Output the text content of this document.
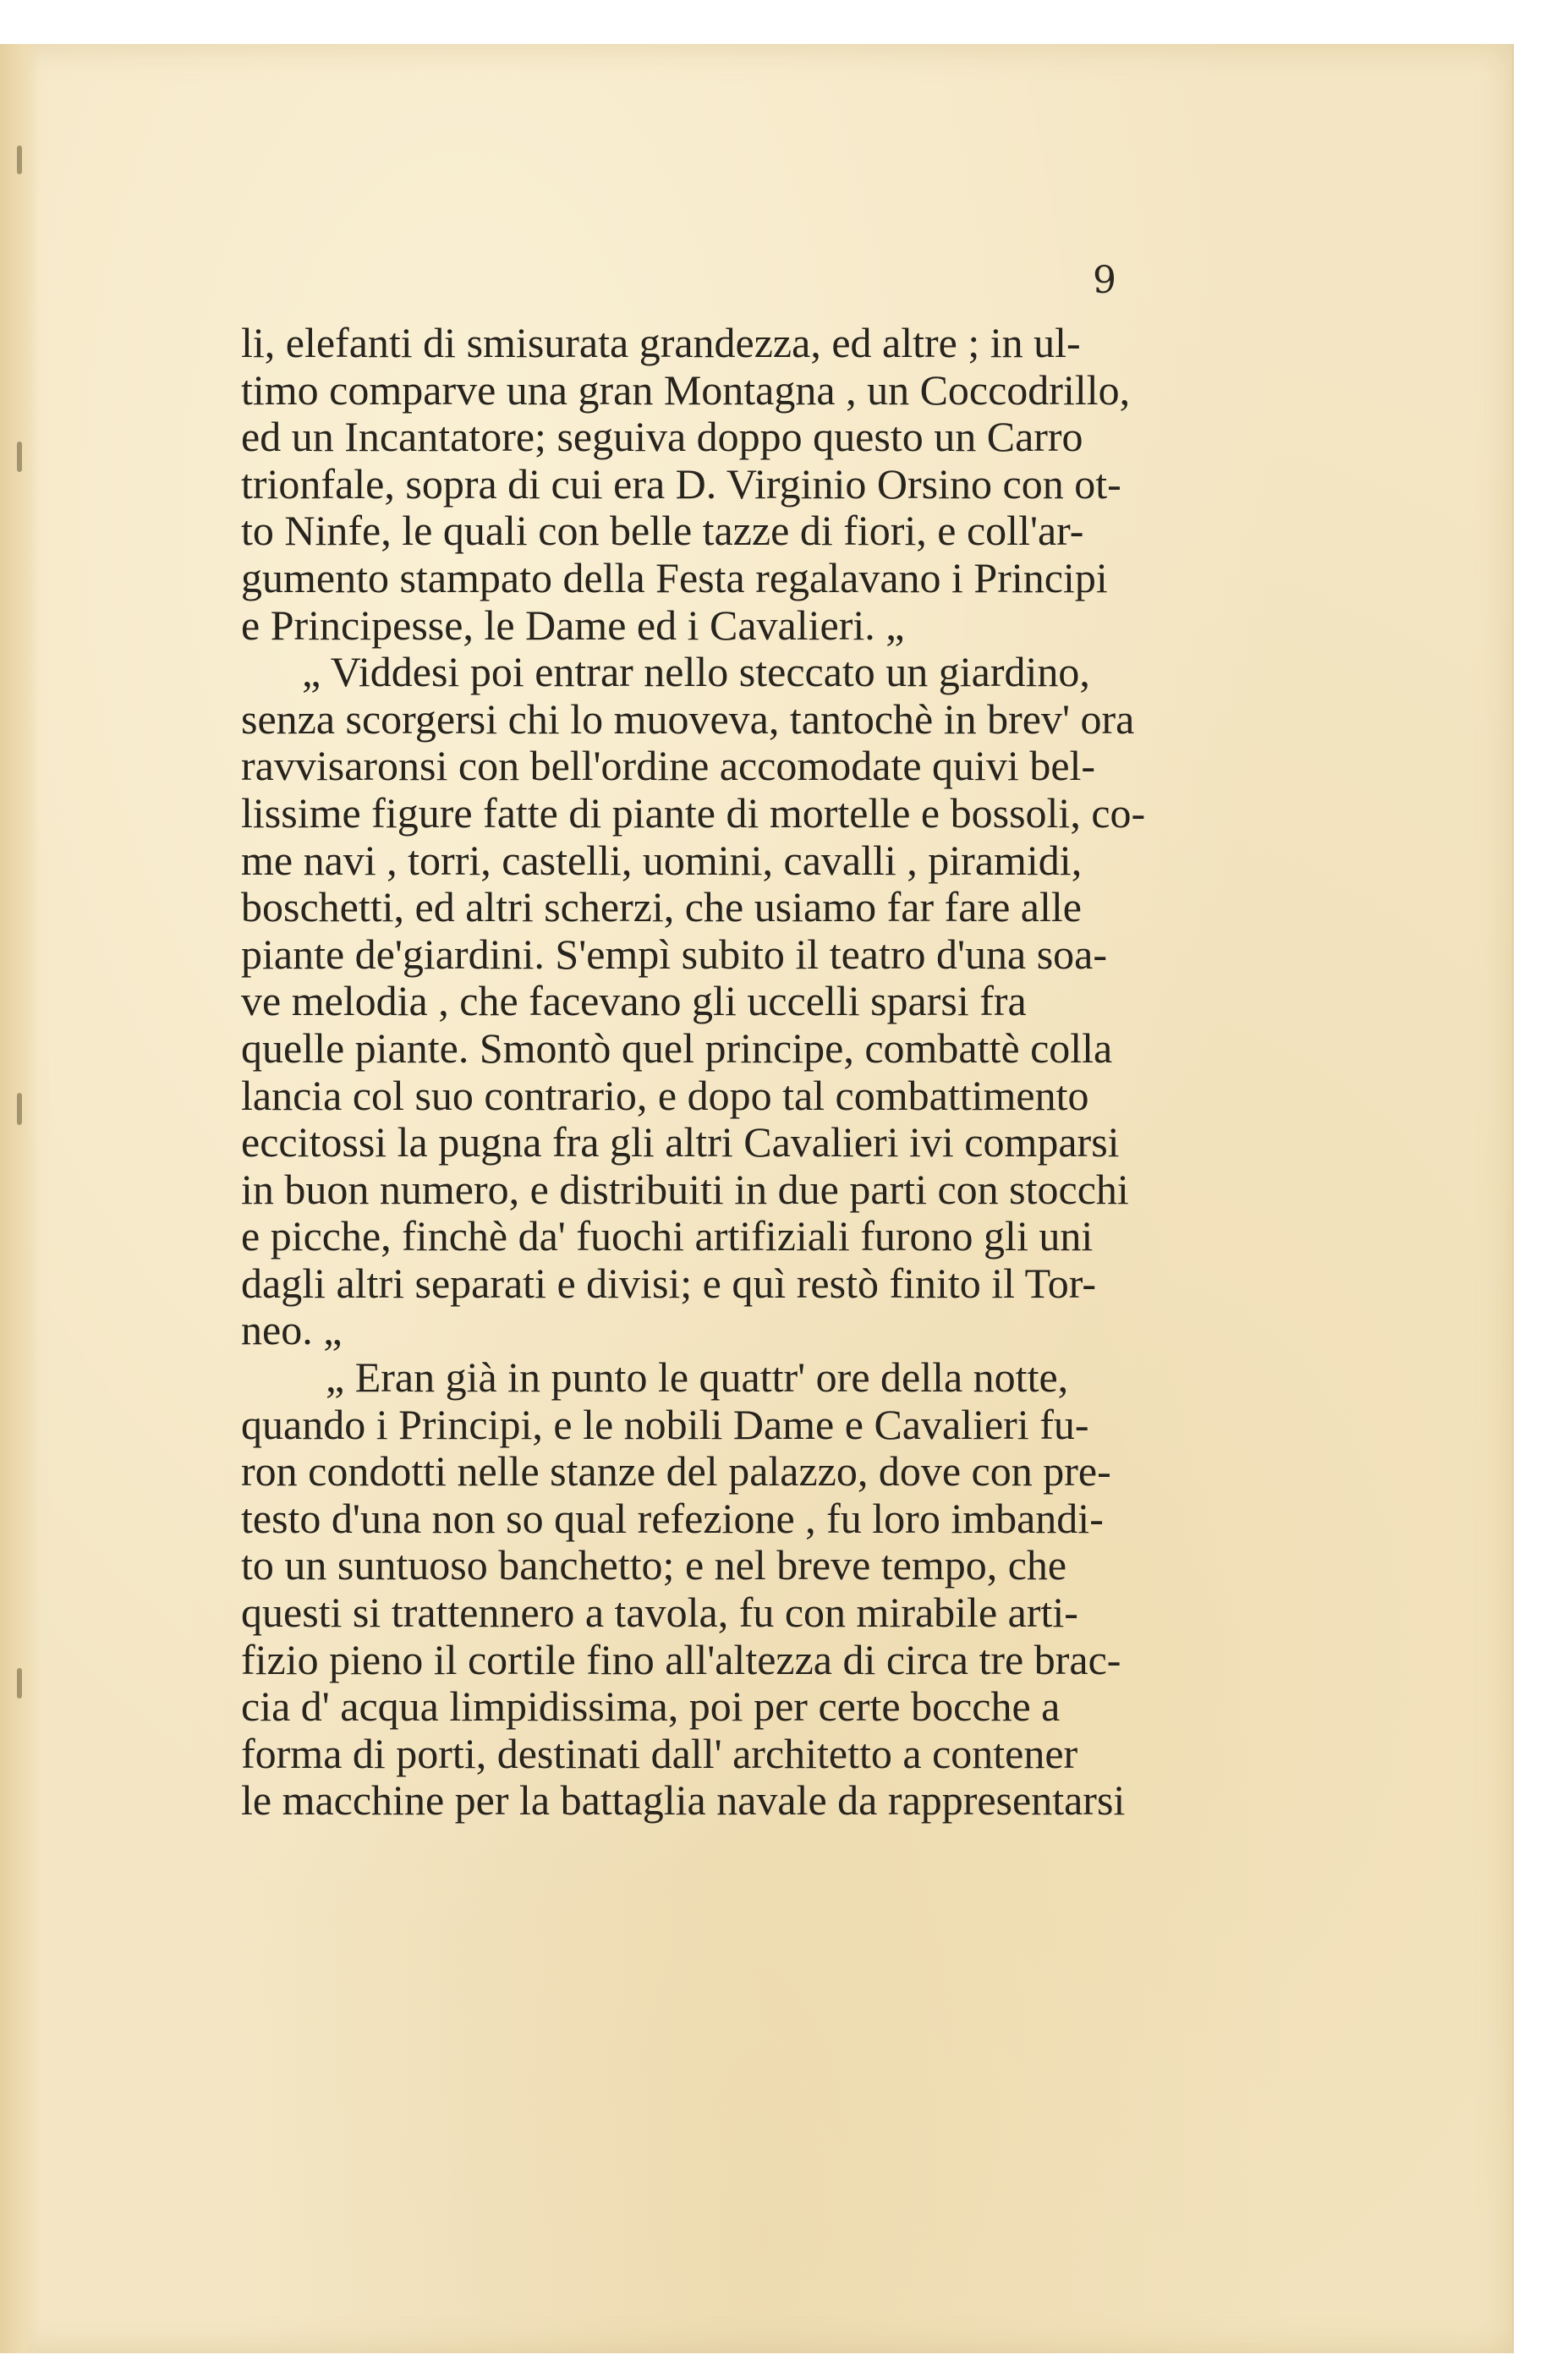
9

li, elefanti di smisurata grandezza, ed altre ; in ul-
timo comparve una gran Montagna , un Coccodrillo,
ed un Incantatore; seguiva doppo questo un Carro
trionfale, sopra di cui era D. Virginio Orsino con ot-
to Ninfe, le quali con belle tazze di fiori, e coll'ar-
gumento stampato della Festa regalavano i Principi
e Principesse, le Dame ed i Cavalieri. „
„ Viddesi poi entrar nello steccato un giardino,
senza scorgersi chi lo muoveva, tantochè in brev' ora
ravvisaronsi con bell'ordine accomodate quivi bel-
lissime figure fatte di piante di mortelle e bossoli, co-
me navi , torri, castelli, uomini, cavalli , piramidi,
boschetti, ed altri scherzi, che usiamo far fare alle
piante de'giardini. S'empì subito il teatro d'una soa-
ve melodia , che facevano gli uccelli sparsi fra
quelle piante. Smontò quel principe, combattè colla
lancia col suo contrario, e dopo tal combattimento
eccitossi la pugna fra gli altri Cavalieri ivi comparsi
in buon numero, e distribuiti in due parti con stocchi
e picche, finchè da' fuochi artifiziali furono gli uni
dagli altri separati e divisi; e quì restò finito il Tor-
neo. „
„ Eran già in punto le quattr' ore della notte,
quando i Principi, e le nobili Dame e Cavalieri fu-
ron condotti nelle stanze del palazzo, dove con pre-
testo d'una non so qual refezione , fu loro imbandi-
to un suntuoso banchetto; e nel breve tempo, che
questi si trattennero a tavola, fu con mirabile arti-
fizio pieno il cortile fino all'altezza di circa tre brac-
cia d' acqua limpidissima, poi per certe bocche a
forma di porti, destinati dall' architetto a contener
le macchine per la battaglia navale da rappresentarsi
